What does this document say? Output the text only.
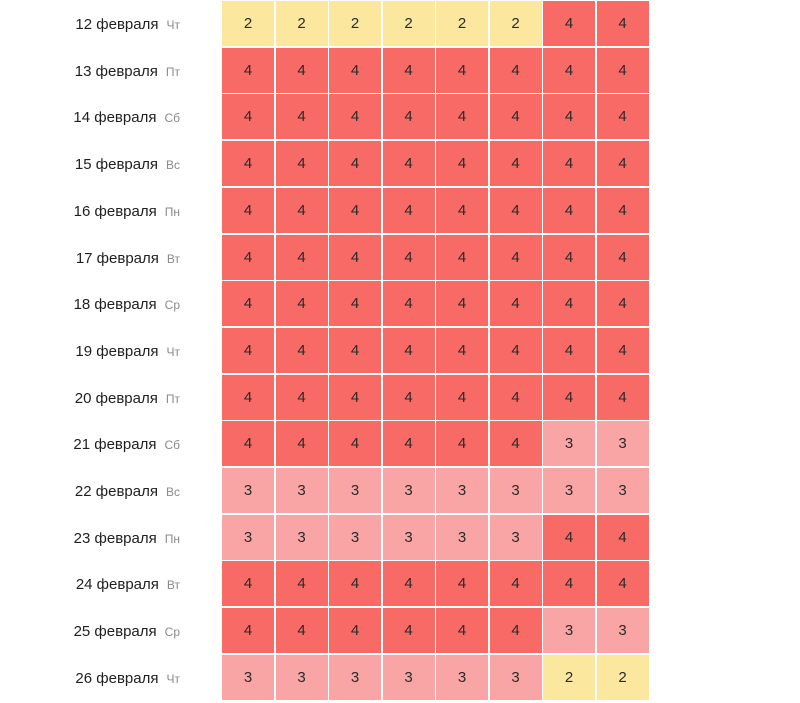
12 февраля Чт	2	2	2	2	2	2	4	4
13 февраля Пт	4	4	4	4	4	4	4	4
14 февраля Сб	4	4	4	4	4	4	4	4
15 февраля Вс	4	4	4	4	4	4	4	4
16 февраля Пн	4	4	4	4	4	4	4	4
17 февраля Вт	4	4	4	4	4	4	4	4
18 февраля Ср	4	4	4	4	4	4	4	4
19 февраля Чт	4	4	4	4	4	4	4	4
20 февраля Пт	4	4	4	4	4	4	4	4
21 февраля Сб	4	4	4	4	4	4	3	3
22 февраля Вс	3	3	3	3	3	3	3	3
23 февраля Пн	3	3	3	3	3	3	4	4
24 февраля Вт	4	4	4	4	4	4	4	4
25 февраля Ср	4	4	4	4	4	4	3	3
26 февраля Чт	3	3	3	3	3	3	2	2
